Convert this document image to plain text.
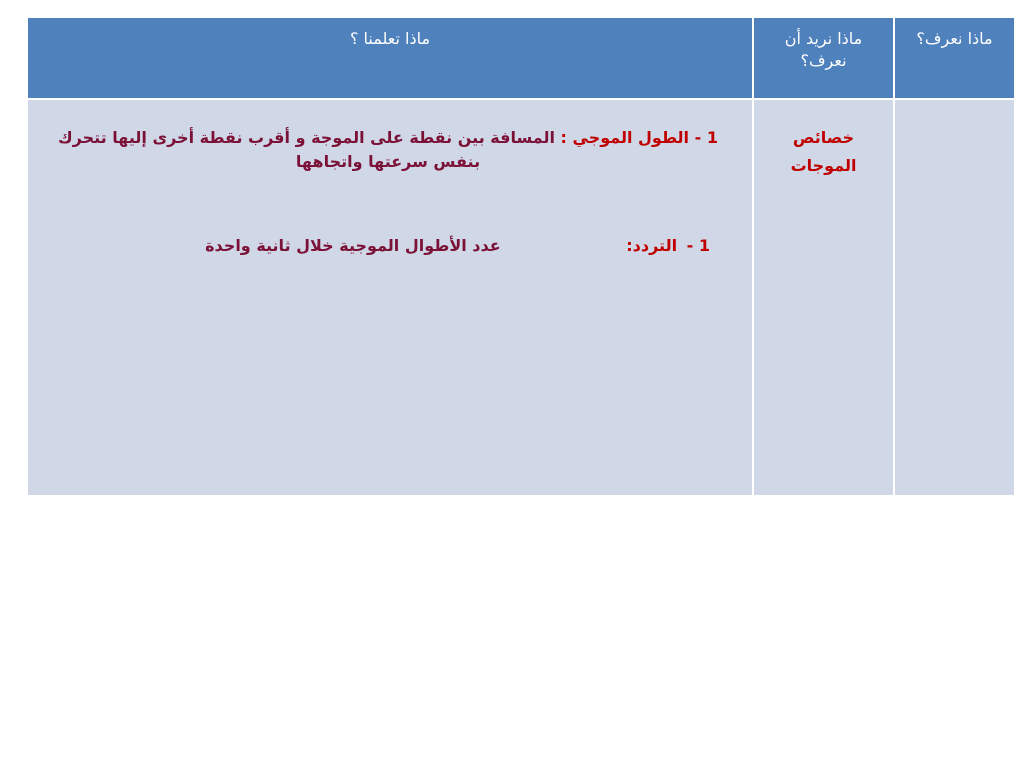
ماذا نعرف؟	ماذا نريد أن نعرف؟	ماذا تعلمنا ؟
	خصائص الموجات	1 - الطول الموجي : المسافة بين نقطة على الموجة و أقرب نقطة أخرى إليها تتحرك بنفس سرعتها واتجاهها
1 - التردد: عدد الأطوال الموجية خلال ثانية واحدة
